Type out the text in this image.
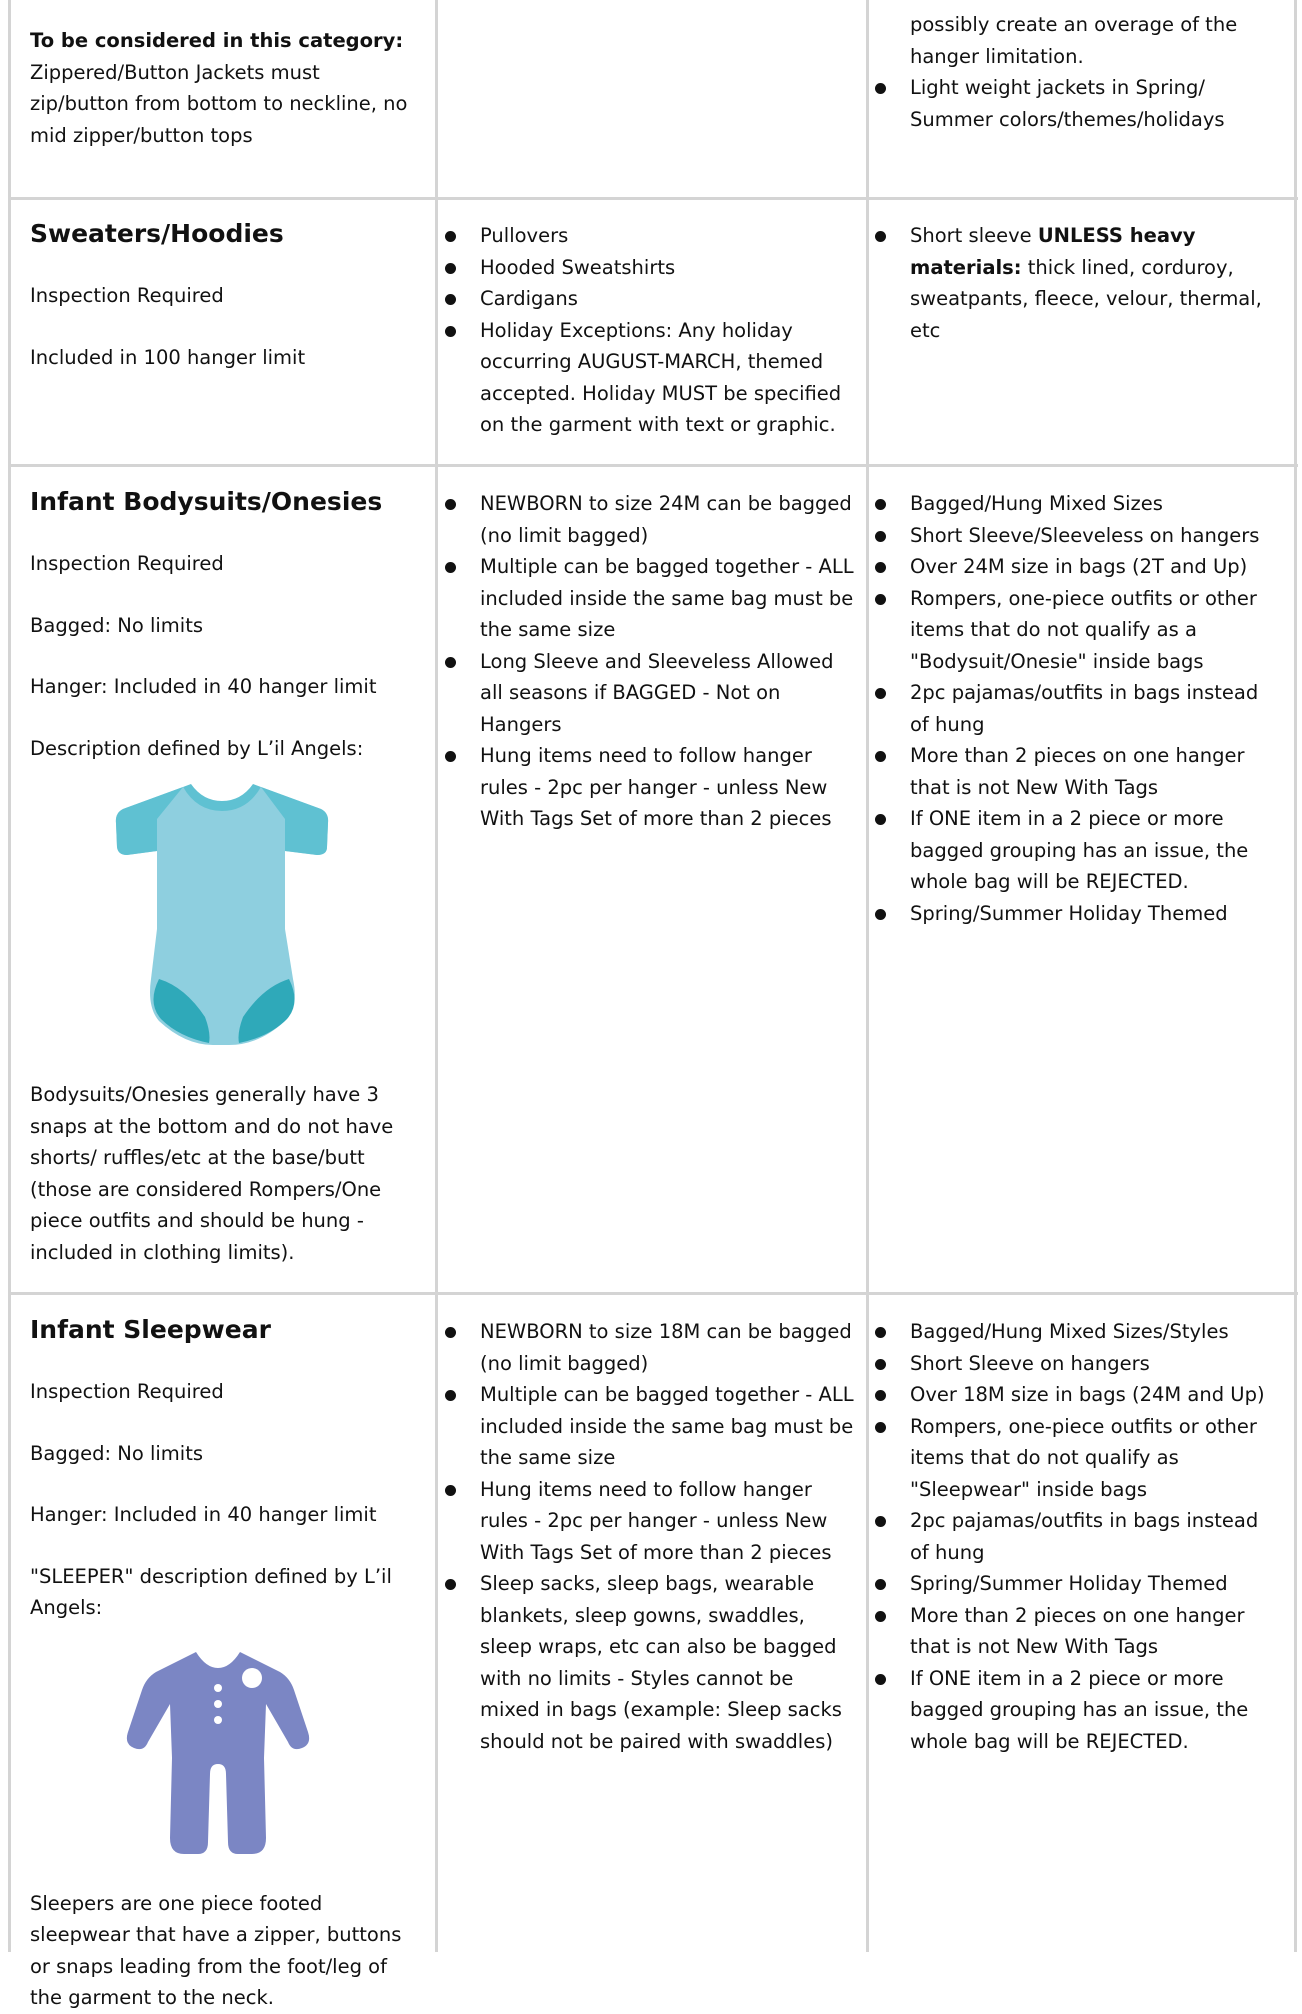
To be considered in this category:

Zippered/Button Jackets must zip/button from bottom to neckline, no mid zipper/button tops

possibly create an overage of the hanger limitation.

Light weight jackets in Spring/ Summer colors/themes/holidays
Sweaters/Hoodies

Inspection Required

Included in 100 hanger limit

Pullovers
Hooded Sweatshirts
Cardigans
Holiday Exceptions: Any holiday occurring AUGUST-MARCH, themed accepted. Holiday MUST be specified on the garment with text or graphic.
Short sleeve UNLESS heavy materials: thick lined, corduroy, sweatpants, fleece, velour, thermal, etc
Infant Bodysuits/Onesies

Inspection Required

Bagged: No limits

Hanger: Included in 40 hanger limit

Description defined by L’il Angels:

Bodysuits/Onesies generally have 3 snaps at the bottom and do not have shorts/ ruffles/etc at the base/butt (those are considered Rompers/One piece outfits and should be hung - included in clothing limits).

NEWBORN to size 24M can be bagged (no limit bagged)
Multiple can be bagged together - ALL included inside the same bag must be the same size
Long Sleeve and Sleeveless Allowed all seasons if BAGGED - Not on Hangers
Hung items need to follow hanger rules - 2pc per hanger - unless New With Tags Set of more than 2 pieces
Bagged/Hung Mixed Sizes
Short Sleeve/Sleeveless on hangers
Over 24M size in bags (2T and Up)
Rompers, one-piece outfits or other items that do not qualify as a "Bodysuit/Onesie" inside bags
2pc pajamas/outfits in bags instead of hung
More than 2 pieces on one hanger that is not New With Tags
If ONE item in a 2 piece or more bagged grouping has an issue, the whole bag will be REJECTED.
Spring/Summer Holiday Themed
Infant Sleepwear

Inspection Required

Bagged: No limits

Hanger: Included in 40 hanger limit

"SLEEPER" description defined by L’il Angels:

Sleepers are one piece footed sleepwear that have a zipper, buttons or snaps leading from the foot/leg of the garment to the neck.

NEWBORN to size 18M can be bagged (no limit bagged)
Multiple can be bagged together - ALL included inside the same bag must be the same size
Hung items need to follow hanger rules - 2pc per hanger - unless New With Tags Set of more than 2 pieces
Sleep sacks, sleep bags, wearable blankets, sleep gowns, swaddles, sleep wraps, etc can also be bagged with no limits - Styles cannot be mixed in bags (example: Sleep sacks should not be paired with swaddles)
Bagged/Hung Mixed Sizes/Styles
Short Sleeve on hangers
Over 18M size in bags (24M and Up)
Rompers, one-piece outfits or other items that do not qualify as "Sleepwear" inside bags
2pc pajamas/outfits in bags instead of hung
Spring/Summer Holiday Themed
More than 2 pieces on one hanger that is not New With Tags
If ONE item in a 2 piece or more bagged grouping has an issue, the whole bag will be REJECTED.
